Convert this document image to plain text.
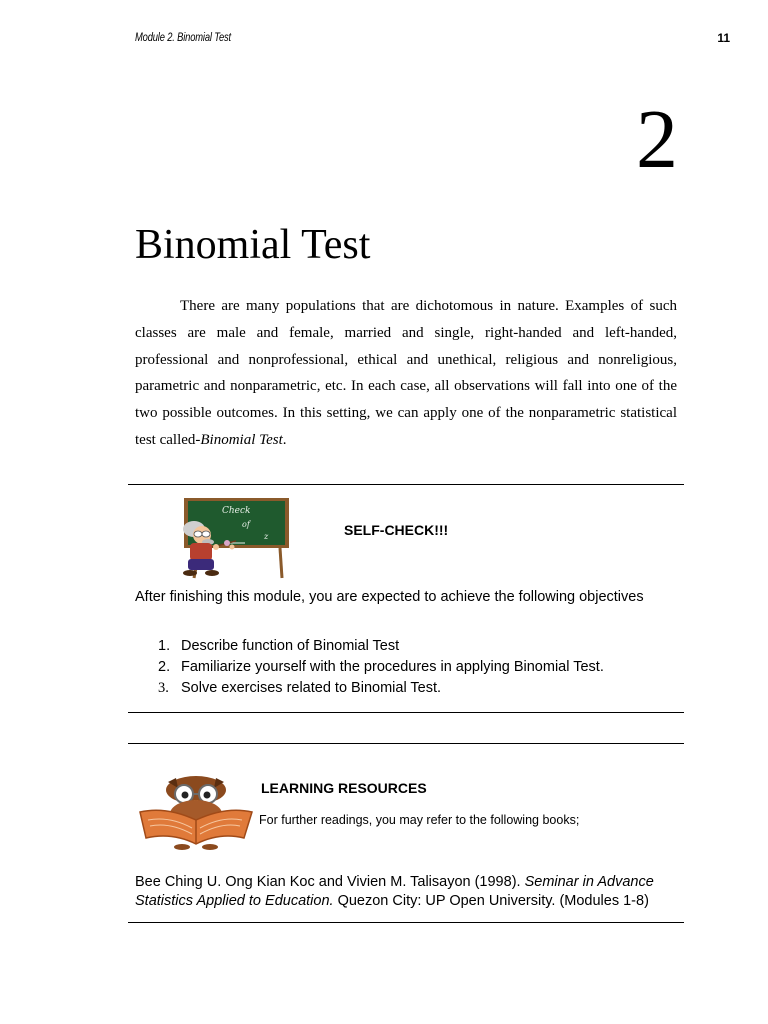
Module 2. Binomial Test	11
2
Binomial Test

There are many populations that are dichotomous in nature. Examples of such classes are male and female, married and single, right-handed and left-handed, professional and nonprofessional, ethical and unethical, religious and nonreligious, parametric and nonparametric, etc. In each case, all observations will fall into one of the two possible outcomes. In this setting, we can apply one of the nonparametric statistical test called-Binomial Test.

Check
of
z	SELF-CHECK!!!

After finishing this module, you are expected to achieve the following objectives

1. Describe function of Binomial Test
2. Familiarize yourself with the procedures in applying Binomial Test.
3. Solve exercises related to Binomial Test.
LEARNING RESOURCES
For further readings, you may refer to the following books;

Bee Ching U. Ong Kian Koc and Vivien M. Talisayon (1998). Seminar in Advance Statistics Applied to Education. Quezon City: UP Open University. (Modules 1-8)
